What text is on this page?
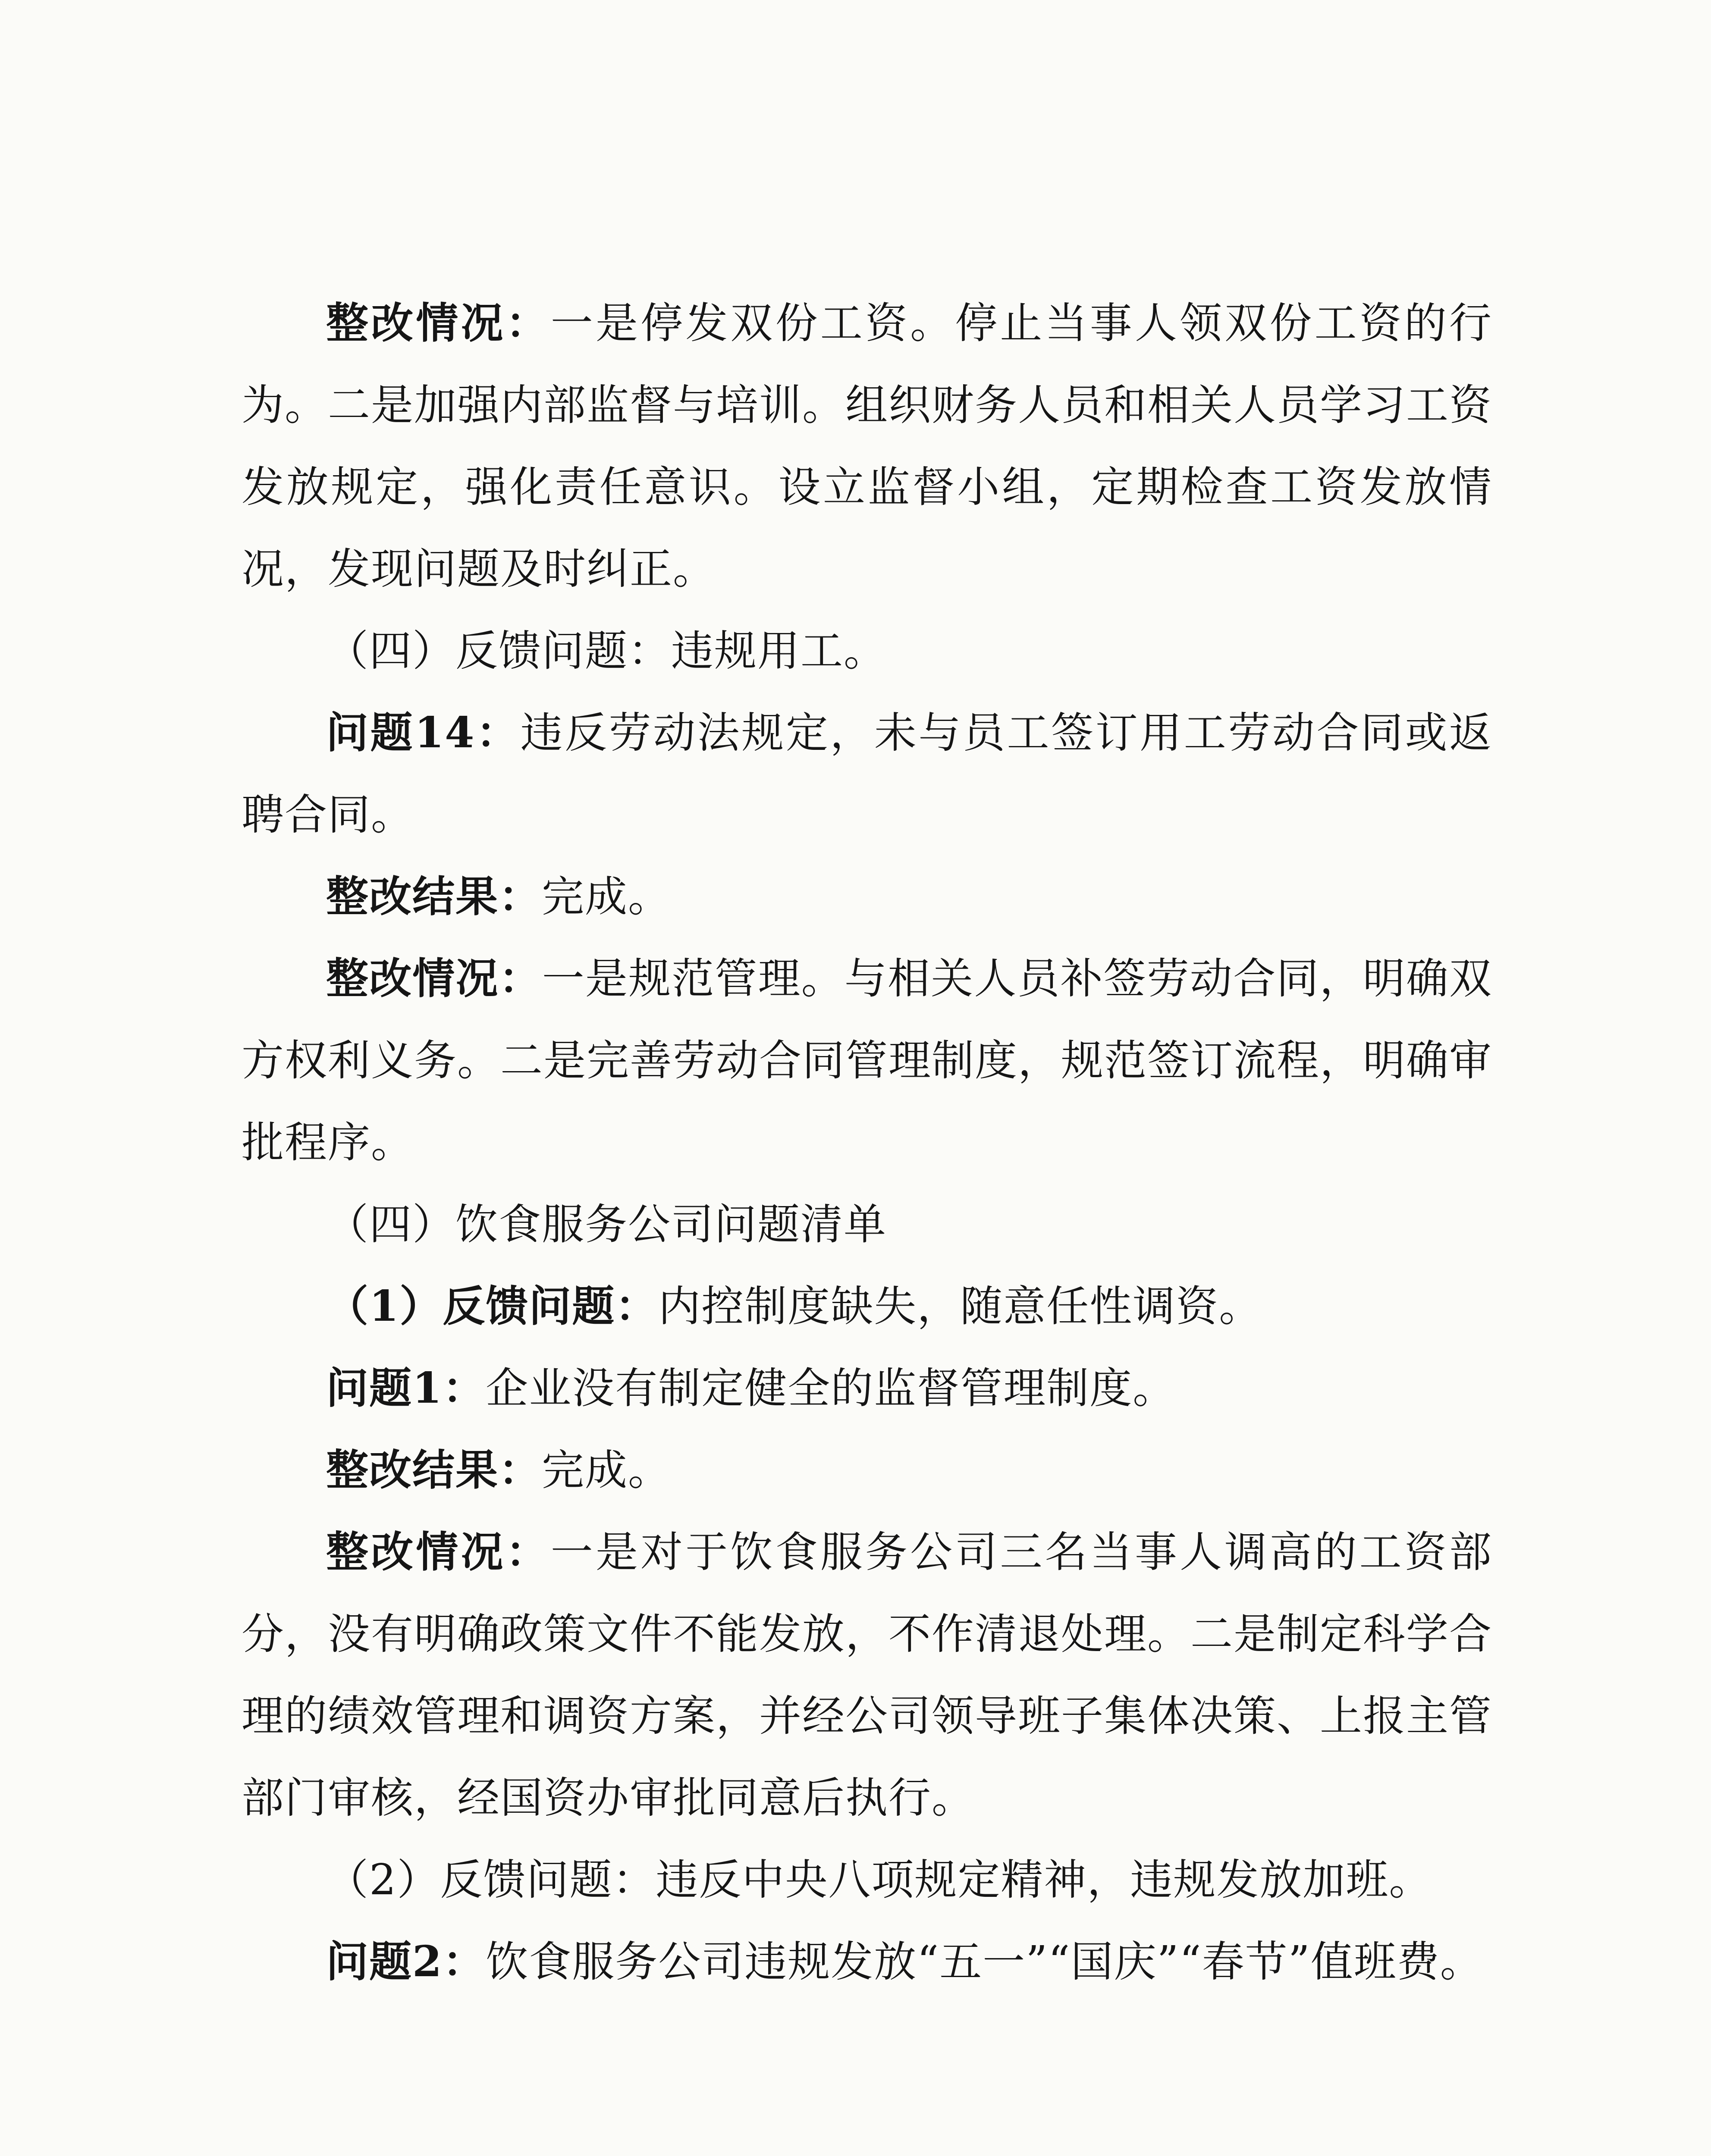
整改情况：一是停发双份工资。停止当事人领双份工资的行为。二是加强内部监督与培训。组织财务人员和相关人员学习工资发放规定，强化责任意识。设立监督小组，定期检查工资发放情况，发现问题及时纠正。

（四）反馈问题：违规用工。

问题14：违反劳动法规定，未与员工签订用工劳动合同或返聘合同。

整改结果：完成。

整改情况：一是规范管理。与相关人员补签劳动合同，明确双方权利义务。二是完善劳动合同管理制度，规范签订流程，明确审批程序。

（四）饮食服务公司问题清单

（1）反馈问题：内控制度缺失，随意任性调资。

问题1：企业没有制定健全的监督管理制度。

整改结果：完成。

整改情况：一是对于饮食服务公司三名当事人调高的工资部分，没有明确政策文件不能发放，不作清退处理。二是制定科学合理的绩效管理和调资方案，并经公司领导班子集体决策、上报主管部门审核，经国资办审批同意后执行。

（2）反馈问题：违反中央八项规定精神，违规发放加班。

问题2：饮食服务公司违规发放“五一”“国庆”“春节”值班费。
